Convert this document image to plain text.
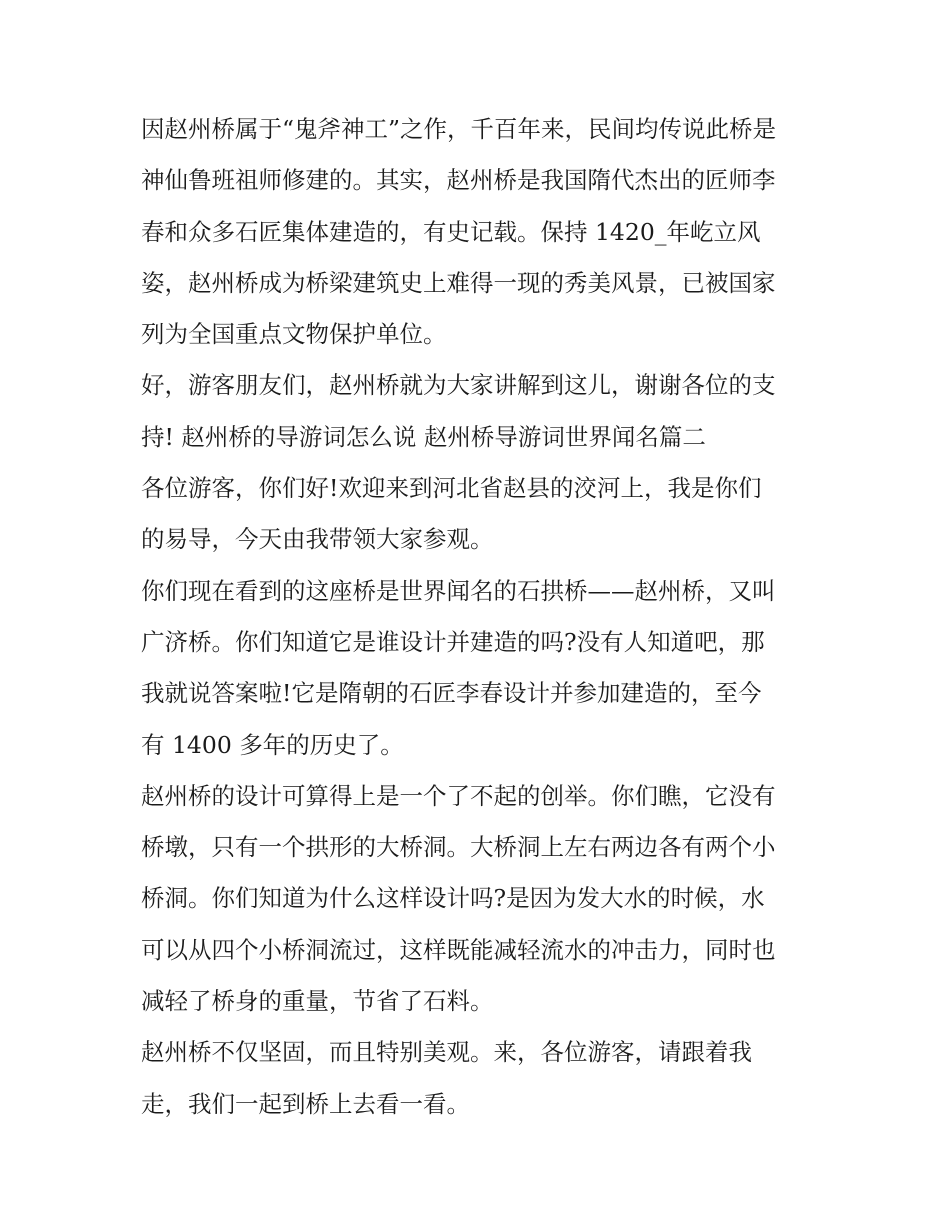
因赵州桥属于“鬼斧神工”之作，千百年来，民间均传说此桥是
神仙鲁班祖师修建的。其实，赵州桥是我国隋代杰出的匠师李
春和众多石匠集体建造的，有史记载。保持 1420_年屹立风
姿，赵州桥成为桥梁建筑史上难得一现的秀美风景，已被国家
列为全国重点文物保护单位。
好，游客朋友们，赵州桥就为大家讲解到这儿，谢谢各位的支
持! 赵州桥的导游词怎么说 赵州桥导游词世界闻名篇二
各位游客，你们好!欢迎来到河北省赵县的洨河上，我是你们
的易导，今天由我带领大家参观。
你们现在看到的这座桥是世界闻名的石拱桥——赵州桥，又叫
广济桥。你们知道它是谁设计并建造的吗?没有人知道吧，那
我就说答案啦!它是隋朝的石匠李春设计并参加建造的，至今
有 1400 多年的历史了。
赵州桥的设计可算得上是一个了不起的创举。你们瞧，它没有
桥墩，只有一个拱形的大桥洞。大桥洞上左右两边各有两个小
桥洞。你们知道为什么这样设计吗?是因为发大水的时候，水
可以从四个小桥洞流过，这样既能减轻流水的冲击力，同时也
减轻了桥身的重量，节省了石料。
赵州桥不仅坚固，而且特别美观。来，各位游客，请跟着我
走，我们一起到桥上去看一看。
